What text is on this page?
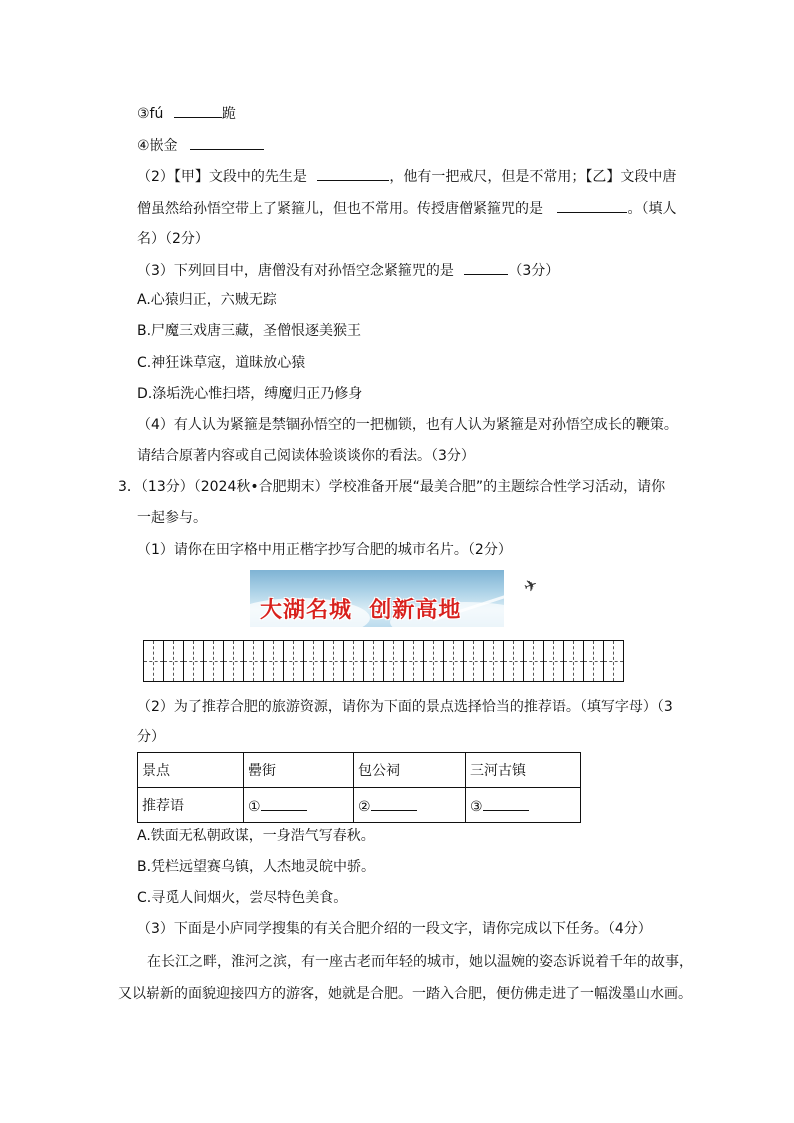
③fú	跪
④嵌金
（2）【甲】文段中的先生是	，他有一把戒尺，但是不常用；【乙】文段中唐
僧虽然给孙悟空带上了紧箍儿，但也不常用。传授唐僧紧箍咒的是	。（填人
名）（2分）
（3）下列回目中，唐僧没有对孙悟空念紧箍咒的是	（3分）
A.心猿归正，六贼无踪
B.尸魔三戏唐三藏，圣僧恨逐美猴王
C.神狂诛草寇，道昧放心猿
D.涤垢洗心惟扫塔，缚魔归正乃修身
（4）有人认为紧箍是禁锢孙悟空的一把枷锁，也有人认为紧箍是对孙悟空成长的鞭策。
请结合原著内容或自己阅读体验谈谈你的看法。（3分）
3．（13分）（2024秋•合肥期末）学校准备开展“最美合肥”的主题综合性学习活动，请你
一起参与。
（1）请你在田字格中用正楷字抄写合肥的城市名片。（2分）
✈
大湖名城  创新高地
（2）为了推荐合肥的旅游资源，请你为下面的景点选择恰当的推荐语。（填写字母）（3
分）
景点	罍街	包公祠	三河古镇
推荐语	①	②	③
A.铁面无私朝政谋，一身浩气写春秋。
B.凭栏远望赛乌镇，人杰地灵皖中骄。
C.寻觅人间烟火，尝尽特色美食。
（3）下面是小庐同学搜集的有关合肥介绍的一段文字，请你完成以下任务。（4分）
在长江之畔，淮河之滨，有一座古老而年轻的城市，她以温婉的姿态诉说着千年的故事，
又以崭新的面貌迎接四方的游客，她就是合肥。一踏入合肥，便仿佛走进了一幅泼墨山水画。
